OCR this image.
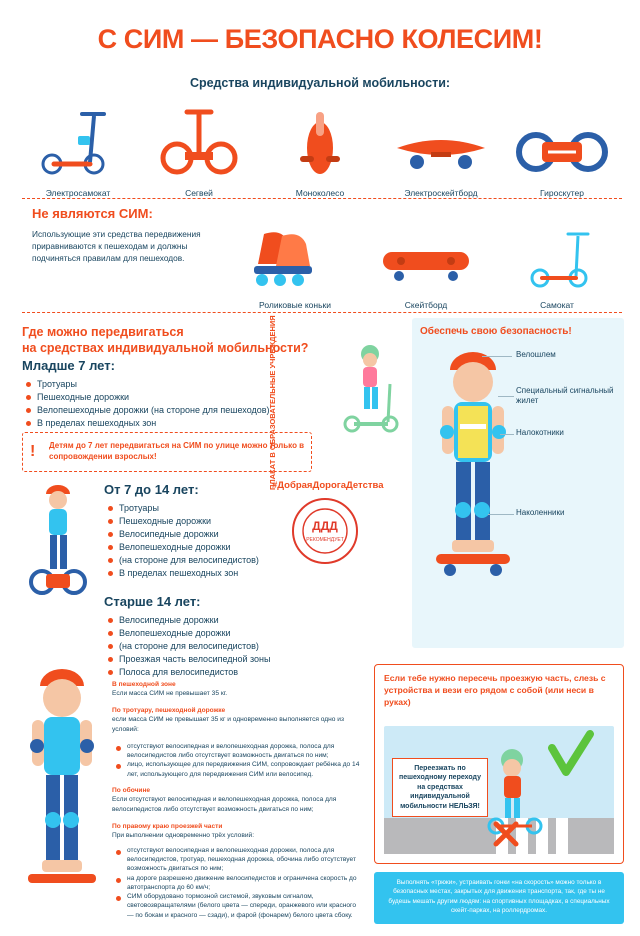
С СИМ — БЕЗОПАСНО КОЛЕСИМ!
Средства индивидуальной мобильности:
Электросамокат	Сегвей	Моноколесо	Электроскейтборд	Гироскутер
Не являются СИМ:
Использующие эти средства передвижения приравниваются к пешеходам и должны подчиняться правилам для пешеходов.
Роликовые коньки	Скейтборд	Самокат
Где можно передвигаться
на средствах индивидуальной мобильности?
Младше 7 лет:
Тротуары
Пешеходные дорожки
Велопешеходные дорожки (на стороне для пешеходов)
В пределах пешеходных зон
! Детям до 7 лет передвигаться на СИМ по улице можно только в сопровождении взрослых!
От 7 до 14 лет:
Тротуары
Пешеходные дорожки
Велосипедные дорожки
Велопешеходные дорожки
(на стороне для велосипедистов)
В пределах пешеходных зон
Старше 14 лет:
Велосипедные дорожки
Велопешеходные дорожки
(на стороне для велосипедистов)
Проезжая часть велосипедной зоны
Полоса для велосипедистов
Обеспечь свою безопасность!
Велошлем
Специальный сигнальный жилет
Налокотники
Наколенники
#ДобраяДорогаДетства
ПЛАКАТ В ОБРАЗОВАТЕЛЬНЫЕ УЧРЕЖДЕНИЯ
ДДД
РЕКОМЕНДУЕТ
В пешеходной зоне
Если масса СИМ не превышает 35 кг.
По тротуару, пешеходной дорожке
если масса СИМ не превышает 35 кг и одновременно выполняется одно из условий:
отсутствуют велосипедная и велопешеходная дорожка, полоса для велосипедистов либо отсутствует возможность двигаться по ним;
лицо, использующее для передвижения СИМ, сопровождает ребёнка до 14 лет, использующего для передвижения СИМ или велосипед.
По обочине
Если отсутствуют велосипедная и велопешеходная дорожка, полоса для велосипедистов либо отсутствует возможность двигаться по ним;
По правому краю проезжей части
При выполнении одновременно трёх условий:
отсутствуют велосипедная и велопешеходная дорожки, полоса для велосипедистов, тротуар, пешеходная дорожка, обочина либо отсутствует возможность двигаться по ним;
на дороге разрешено движение велосипедистов и ограничена скорость до автотранспорта до 60 км/ч;
СИМ оборудовано тормозной системой, звуковым сигналом, световозвращателями (белого цвета — спереди, оранжевого или красного — по бокам и красного — сзади), и фарой (фонарем) белого цвета сбоку.
Если тебе нужно пересечь проезжую часть, слезь с устройства и вези его рядом с собой (или неси в руках)
Переезжать по пешеходному переходу на средствах индивидуальной мобильности НЕЛЬЗЯ!
Выполнять «трюки», устраивать гонки «на скорость» можно только в безопасных местах, закрытых для движения транспорта, так, где ты не будешь мешать другим людям: на спортивных площадках, в специальных скейт-парках, на роллердромах.
